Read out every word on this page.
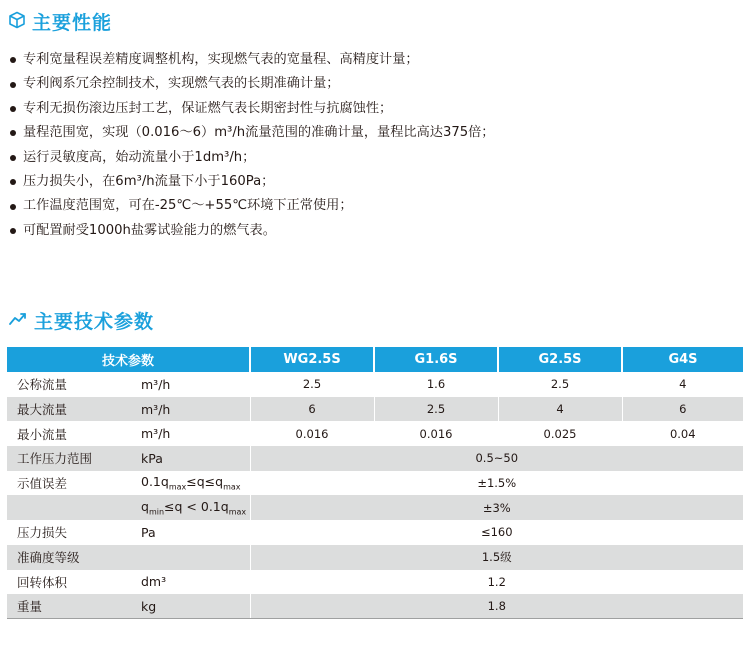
主要性能
专利宽量程误差精度调整机构，实现燃气表的宽量程、高精度计量；
专利阀系冗余控制技术，实现燃气表的长期准确计量；
专利无损伤滚边压封工艺，保证燃气表长期密封性与抗腐蚀性；
量程范围宽，实现（0.016～6）m³/h流量范围的准确计量，量程比高达375倍；
运行灵敏度高，始动流量小于1dm³/h；
压力损失小，在6m³/h流量下小于160Pa；
工作温度范围宽，可在-25℃～+55℃环境下正常使用；
可配置耐受1000h盐雾试验能力的燃气表。
主要技术参数
技术参数		WG2.5S	G1.6S	G2.5S	G4S
公称流量	m³/h	2.5	1.6	2.5	4
最大流量	m³/h	6	2.5	4	6
最小流量	m³/h	0.016	0.016	0.025	0.04
工作压力范围	kPa	0.5~50			
示值误差	$0.1q_{max}\le q\le q_{max}$	±1.5%			
	$q_{min}\le q < 0.1q_{max}$	±3%			
压力损失	Pa	≤160			
准确度等级		1.5级			
回转体积	dm³	1.2			
重量	kg	1.8			
